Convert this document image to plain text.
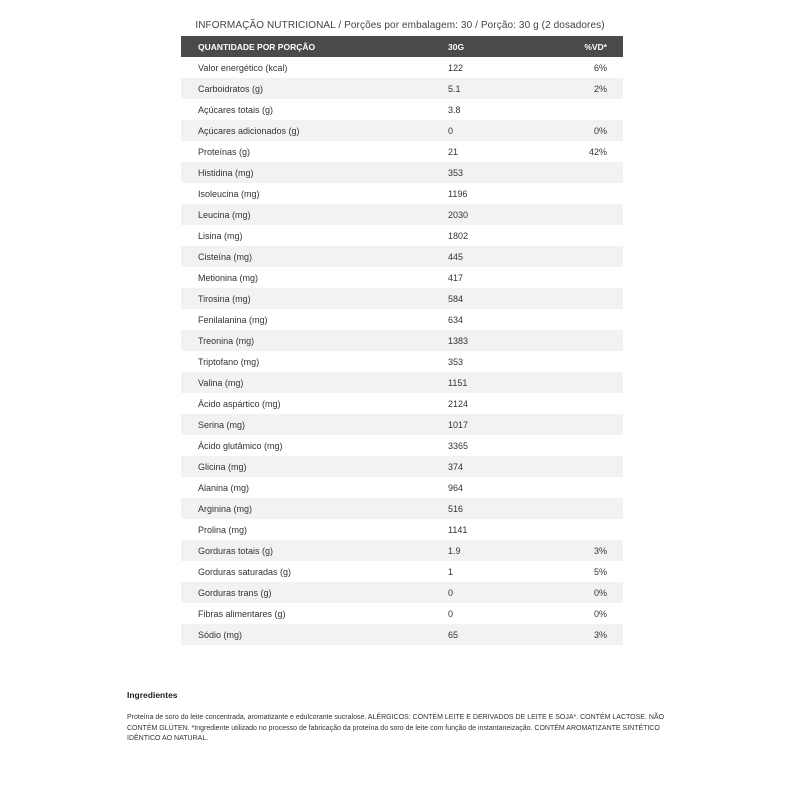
INFORMAÇÃO NUTRICIONAL / Porções por embalagem: 30 / Porção: 30 g (2 dosadores)
QUANTIDADE POR PORÇÃO	30G	%VD*
Valor energético (kcal)	122	6%
Carboidratos (g)	5.1	2%
Açúcares totais (g)	3.8	
Açúcares adicionados (g)	0	0%
Proteínas (g)	21	42%
Histidina (mg)	353	
Isoleucina (mg)	1196	
Leucina (mg)	2030	
Lisina (mg)	1802	
Cisteína (mg)	445	
Metionina (mg)	417	
Tirosina (mg)	584	
Fenilalanina (mg)	634	
Treonina (mg)	1383	
Triptofano (mg)	353	
Valina (mg)	1151	
Ácido aspártico (mg)	2124	
Serina (mg)	1017	
Ácido glutâmico (mg)	3365	
Glicina (mg)	374	
Alanina (mg)	964	
Arginina (mg)	516	
Prolina (mg)	1141	
Gorduras totais (g)	1.9	3%
Gorduras saturadas (g)	1	5%
Gorduras trans (g)	0	0%
Fibras alimentares (g)	0	0%
Sódio (mg)	65	3%
Ingredientes
Proteína de soro do leite concentrada, aromatizante e edulcorante sucralose. ALÉRGICOS: CONTÉM LEITE E DERIVADOS DE LEITE E SOJA*. CONTÉM LACTOSE. NÃO CONTÉM GLÚTEN. *Ingrediente utilizado no processo de fabricação da proteína do soro de leite com função de instantaneização. CONTÉM AROMATIZANTE SINTÉTICO IDÊNTICO AO NATURAL.
